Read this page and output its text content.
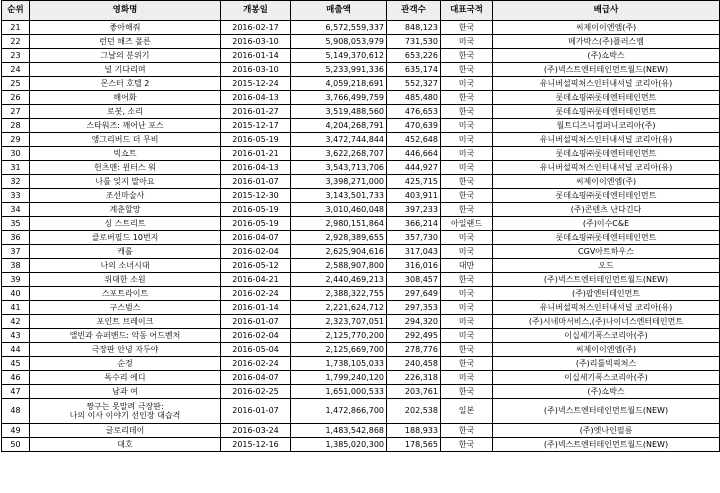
순위	영화명	개봉일	매출액	관객수	대표국적	배급사
21	좋아해줘	2016-02-17	6,572,559,337	848,123	한국	씨제이이엔엠(주)
22	런던 해즈 폴른	2016-03-10	5,908,053,979	731,530	미국	메가박스(주)플러스엠
23	그날의 분위기	2016-01-14	5,149,370,612	653,226	한국	(주)쇼박스
24	널 기다리며	2016-03-10	5,233,991,336	635,174	한국	(주)넥스트엔터테인먼트월드(NEW)
25	몬스터 호텔 2	2015-12-24	4,059,218,691	552,327	미국	유니버설픽쳐스인터내셔널 코리아(유)
26	해어화	2016-04-13	3,766,499,759	485,480	한국	롯데쇼핑㈜롯데엔터테인먼트
27	로봇, 소리	2016-01-27	3,519,488,560	476,653	한국	롯데쇼핑㈜롯데엔터테인먼트
28	스타워즈: 깨어난 포스	2015-12-17	4,204,268,791	470,639	미국	월트디즈니컴퍼니코리아(주)
29	앵그리버드 더 무비	2016-05-19	3,472,744,844	452,648	미국	유니버설픽쳐스인터내셔널 코리아(유)
30	빅쇼트	2016-01-21	3,622,268,707	446,664	미국	롯데쇼핑㈜롯데엔터테인먼트
31	헌츠맨: 윈터스 워	2016-04-13	3,543,713,706	444,927	미국	유니버설픽쳐스인터내셔널 코리아(유)
32	나를 잊지 말아요	2016-01-07	3,398,271,000	425,715	한국	씨제이이엔엠(주)
33	조선마술사	2015-12-30	3,143,501,733	403,911	한국	롯데쇼핑㈜롯데엔터테인먼트
34	계춘할망	2016-05-19	3,010,460,048	397,233	한국	(주)콘텐츠 난다긴다
35	싱 스트리트	2016-05-19	2,980,151,864	366,214	아일랜드	(주)이수C&E
36	클로버필드 10번지	2016-04-07	2,928,389,655	357,730	미국	롯데쇼핑㈜롯데엔터테인먼트
37	캐롤	2016-02-04	2,625,904,616	317,043	미국	CGV아트하우스
38	나의 소녀시대	2016-05-12	2,588,907,800	316,016	대만	오드
39	위대한 소원	2016-04-21	2,440,469,213	308,457	한국	(주)넥스트엔터테인먼트월드(NEW)
40	스포트라이트	2016-02-24	2,388,322,755	297,649	미국	(주)팝엔터테인먼트
41	구스범스	2016-01-14	2,221,624,712	297,353	미국	유니버설픽쳐스인터내셔널 코리아(유)
42	포인트 브레이크	2016-01-07	2,323,707,051	294,320	미국	(주)시네마서비스,(주)나이너스엔터테인먼트
43	앨빈과 슈퍼밴드: 악동 어드벤처	2016-02-04	2,125,770,200	292,495	미국	이십세기폭스코리아(주)
44	극장판 안녕 자두야	2016-05-04	2,125,669,700	278,776	한국	씨제이이엔엠(주)
45	순정	2016-02-24	1,738,105,033	240,458	한국	(주)리틀빅픽쳐스
46	독수리 에디	2016-04-07	1,799,240,120	226,318	미국	이십세기폭스코리아(주)
47	남과 여	2016-02-25	1,651,000,533	203,761	한국	(주)쇼박스
48	짱구는 못말려 극장판:
나의 이사 이야기 선인장 대습격	2016-01-07	1,472,866,700	202,538	일본	(주)넥스트엔터테인먼트월드(NEW)
49	글로리데이	2016-03-24	1,483,542,868	188,933	한국	(주)엣나인필름
50	대호	2015-12-16	1,385,020,300	178,565	한국	(주)넥스트엔터테인먼트월드(NEW)
